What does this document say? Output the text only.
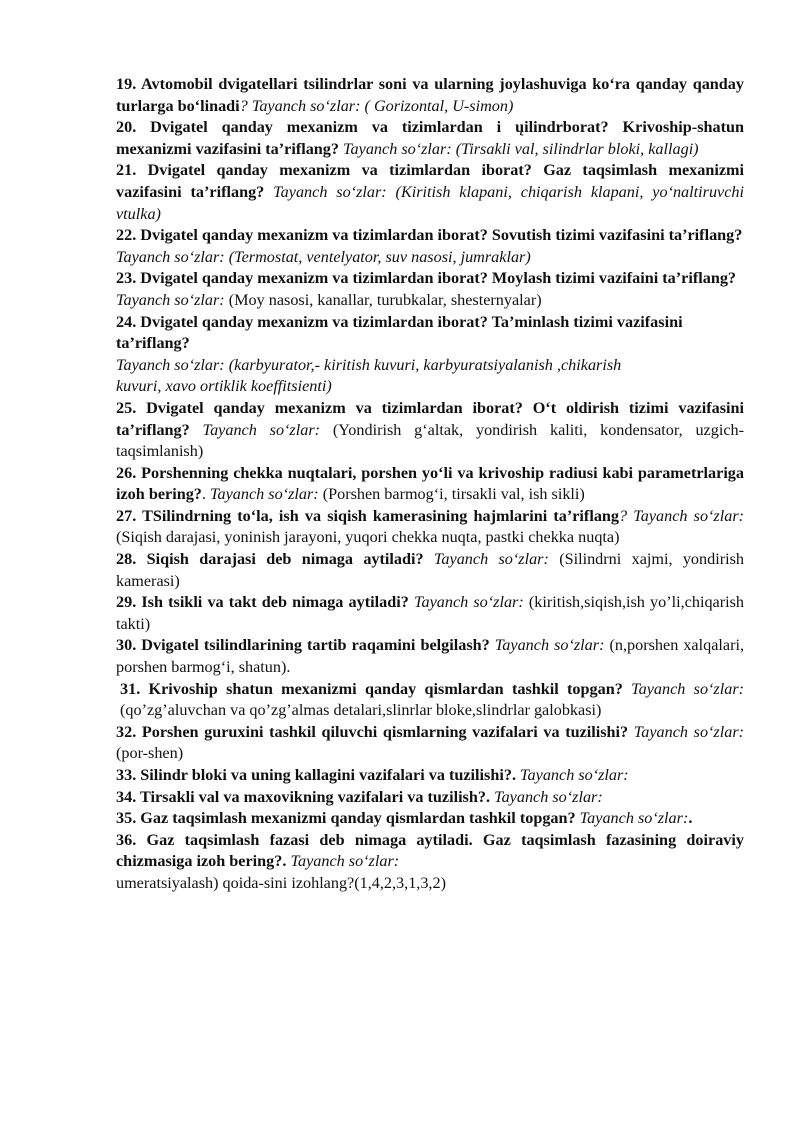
19. Avtomobil dvigatellari tsilindrlar soni va ularning joylashuviga ko‘ra qanday qanday turlarga bo‘linadi? Tayanch so‘zlar: ( Gorizontal, U-simon)

20. Dvigatel qanday mexanizm va tizimlardan i ųilindrborat? Krivoship-shatun mexanizmi vazifasini ta’riflang? Tayanch so‘zlar: (Tirsakli val, silindrlar bloki, kallagi)

21. Dvigatel qanday mexanizm va tizimlardan iborat? Gaz taqsimlash mexanizmi vazifasini ta’riflang? Tayanch so‘zlar: (Kiritish klapani, chiqarish klapani, yo‘naltiruvchi vtulka)

22. Dvigatel qanday mexanizm va tizimlardan iborat? Sovutish tizimi vazifasini ta’riflang?
Tayanch so‘zlar: (Termostat, ventelyator, suv nasosi, jumraklar)

23. Dvigatel qanday mexanizm va tizimlardan iborat? Moylash tizimi vazifaini ta’riflang?
Tayanch so‘zlar: (Moy nasosi, kanallar, turubkalar, shesternyalar)

24. Dvigatel qanday mexanizm va tizimlardan iborat? Ta’minlash tizimi vazifasini ta’riflang?
Tayanch so‘zlar: (karbyurator,- kiritish kuvuri, karbyuratsiyalanish ,chikarish
kuvuri, xavo ortiklik koeffitsienti)

25. Dvigatel qanday mexanizm va tizimlardan iborat? O‘t oldirish tizimi vazifasini ta’riflang? Tayanch so‘zlar: (Yondirish g‘altak, yondirish kaliti, kondensator, uzgich-taqsimlanish)

26. Porshenning chekka nuqtalari, porshen yo‘li va krivoship radiusi kabi parametrlariga izoh bering?. Tayanch so‘zlar: (Porshen barmog‘i, tirsakli val, ish sikli)

27. TSilindrning to‘la, ish va siqish kamerasining hajmlarini ta’riflang? Tayanch so‘zlar: (Siqish darajasi, yoninish jarayoni, yuqori chekka nuqta, pastki chekka nuqta)

28. Siqish darajasi deb nimaga aytiladi? Tayanch so‘zlar: (Silindrni xajmi, yondirish kamerasi)

29. Ish tsikli va takt deb nimaga aytiladi? Tayanch so‘zlar: (kiritish,siqish,ish yo’li,chiqarish takti)

30. Dvigatel tsilindlarining tartib raqamini belgilash? Tayanch so‘zlar: (n,porshen xalqalari, porshen barmog‘i, shatun).

31. Krivoship shatun mexanizmi qanday qismlardan tashkil topgan? Tayanch so‘zlar: (qo’zg’aluvchan va qo’zg’almas detalari,slinrlar bloke,slindrlar galobkasi)

32. Porshen guruxini tashkil qiluvchi qismlarning vazifalari va tuzilishi? Tayanch so‘zlar: (por-shen)

33. Silindr bloki va uning kallagini vazifalari va tuzilishi?. Tayanch so‘zlar:

34. Tirsakli val va maxovikning vazifalari va tuzilish?. Tayanch so‘zlar:

35. Gaz taqsimlash mexanizmi qanday qismlardan tashkil topgan? Tayanch so‘zlar:.

36. Gaz taqsimlash fazasi deb nimaga aytiladi. Gaz taqsimlash fazasining doiraviy chizmasiga izoh bering?. Tayanch so‘zlar:
umeratsiyalash) qoida-sini izohlang?(1,4,2,3,1,3,2)
